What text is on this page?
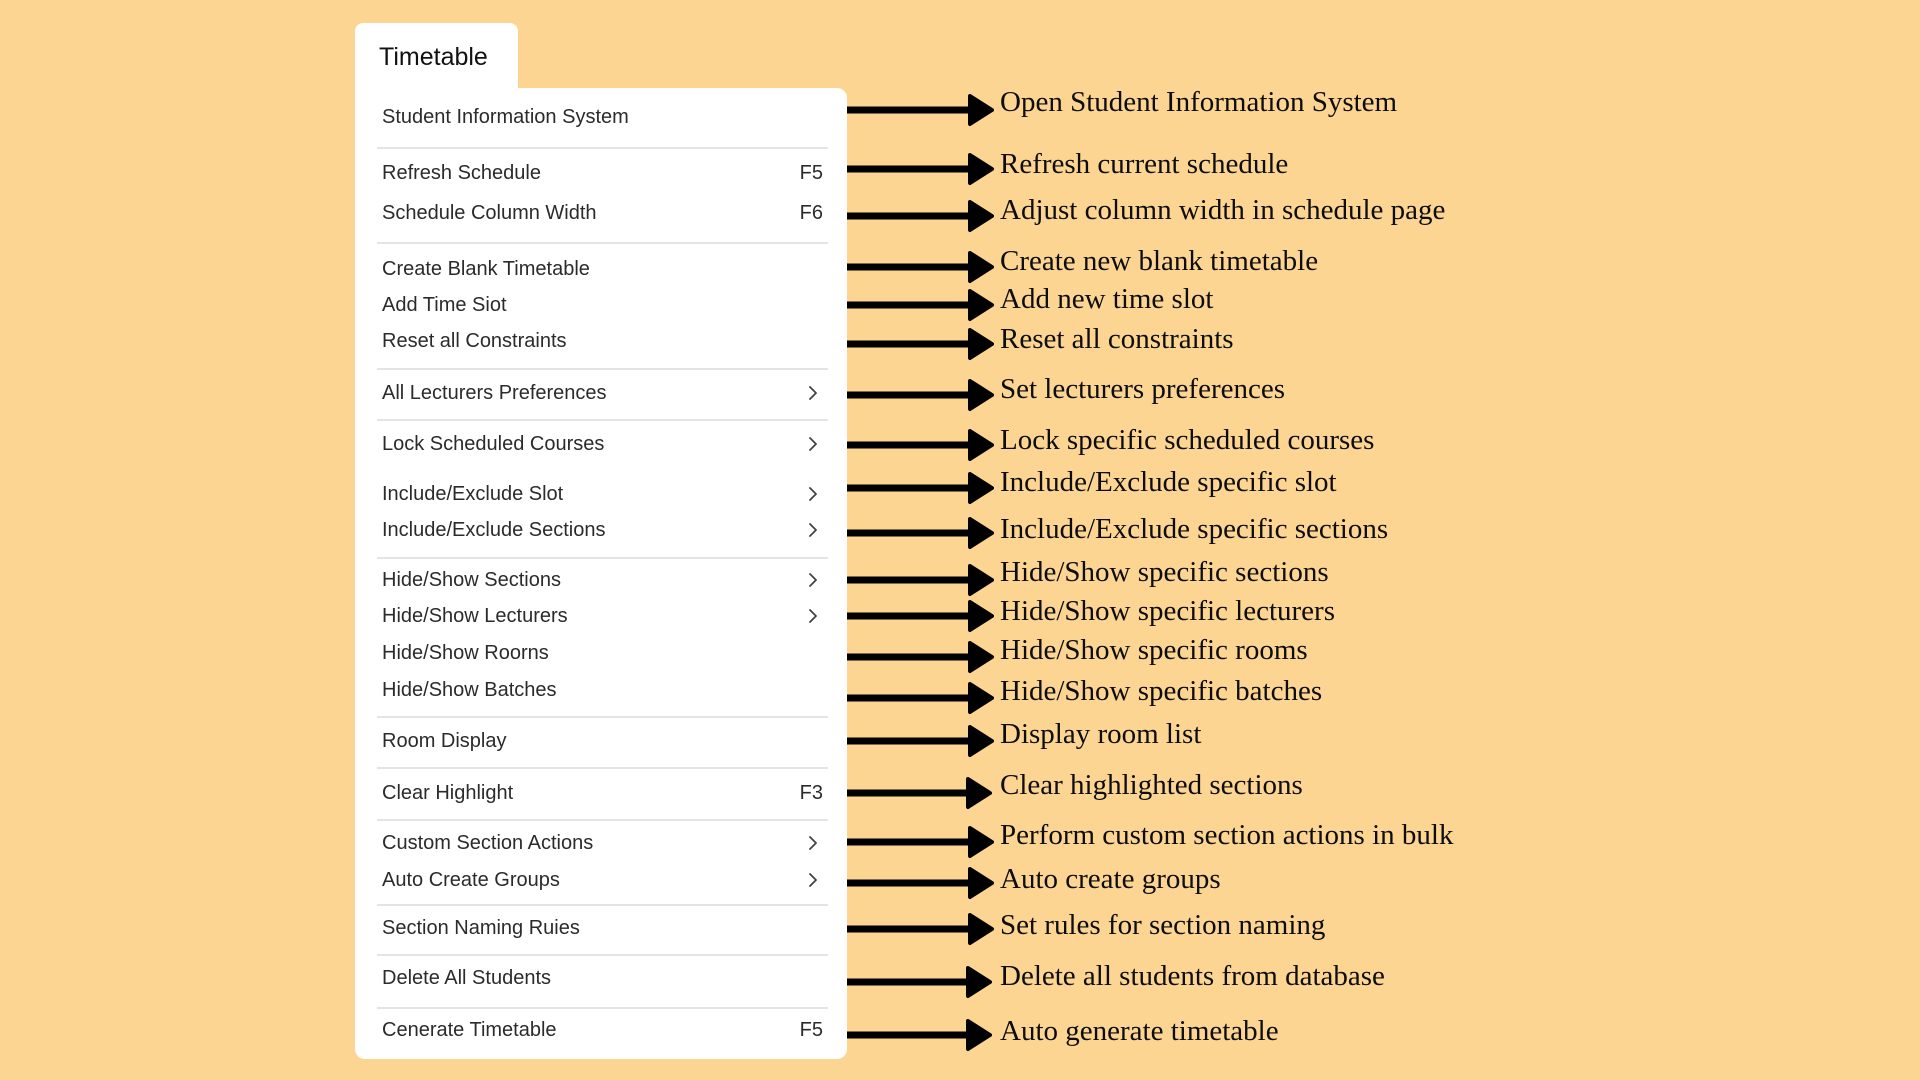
Timetable
Student Information System
Refresh Schedule	F5
Schedule Column Width	F6
Create Blank Timetable
Add Time Siot
Reset all Constraints
All Lecturers Preferences
Lock Scheduled Courses
Include/Exclude Slot
Include/Exclude Sections
Hide/Show Sections
Hide/Show Lecturers
Hide/Show Roorns
Hide/Show Batches
Room Display
Clear Highlight	F3
Custom Section Actions
Auto Create Groups
Section Naming Ruies
Delete All Students
Cenerate Timetable	F5
Open Student Information System
Refresh current schedule
Adjust column width in schedule page
Create new blank timetable
Add new time slot
Reset all constraints
Set lecturers preferences
Lock specific scheduled courses
Include/Exclude specific slot
Include/Exclude specific sections
Hide/Show specific sections
Hide/Show specific lecturers
Hide/Show specific rooms
Hide/Show specific batches
Display room list
Clear highlighted sections
Perform custom section actions in bulk
Auto create groups
Set rules for section naming
Delete all students from database
Auto generate timetable
